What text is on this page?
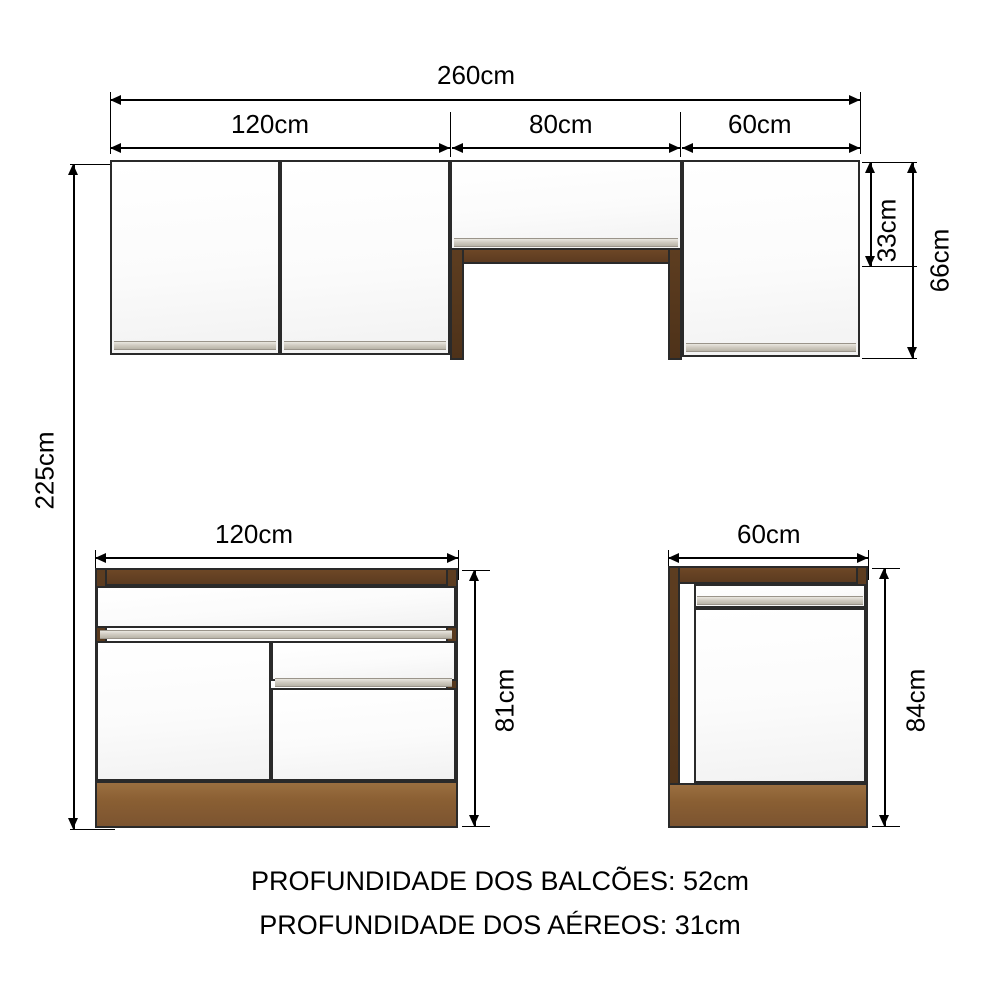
260cm
120cm	80cm	60cm
225cm
33cm 66cm
120cm
81cm
60cm
84cm
PROFUNDIDADE DOS BALCÕES: 52cm
PROFUNDIDADE DOS AÉREOS: 31cm
